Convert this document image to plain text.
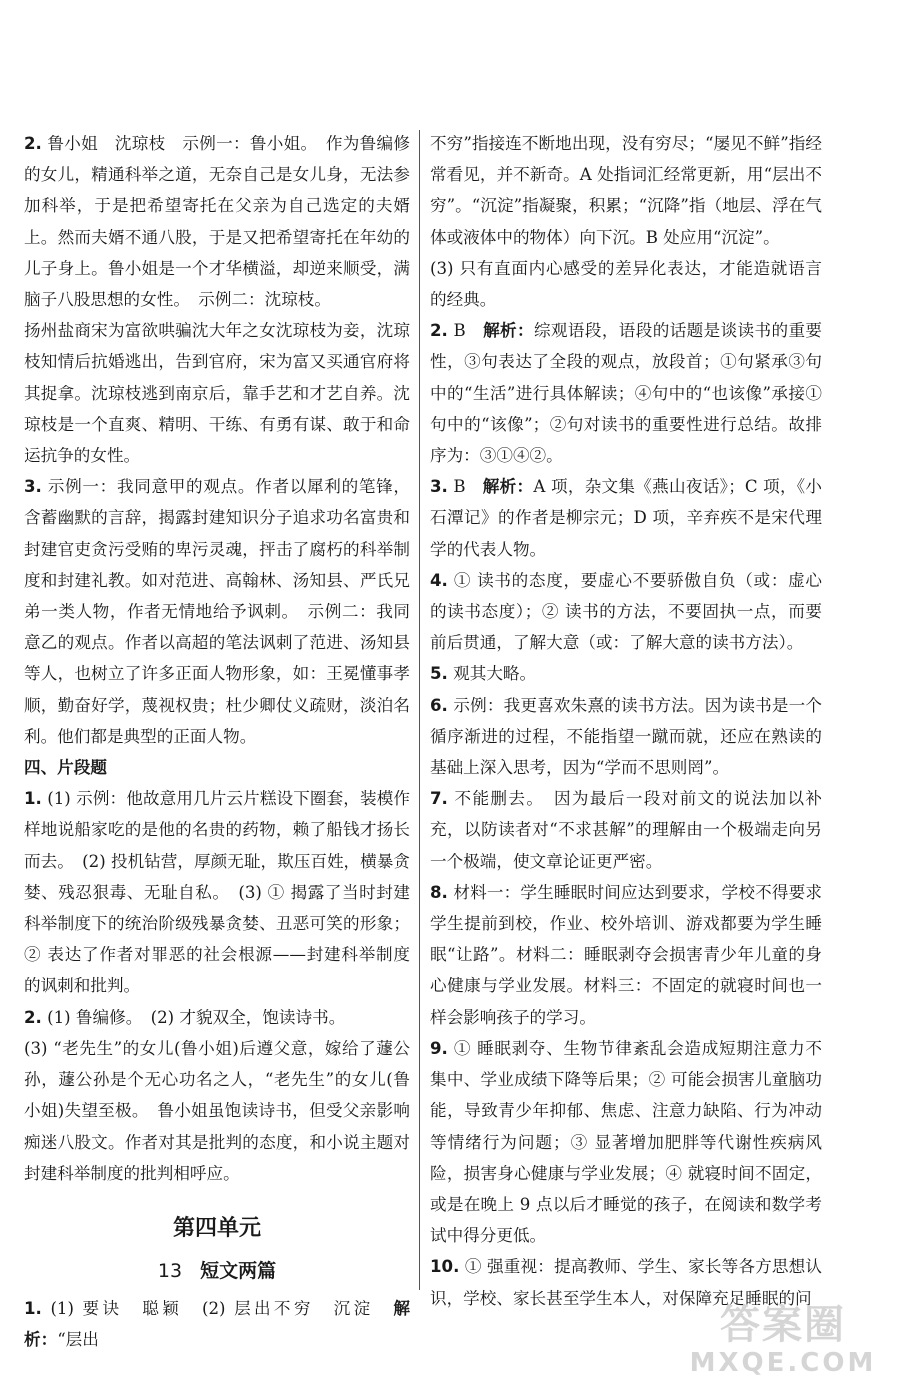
2. 鲁小姐　沈琼枝　示例一：鲁小姐。　作为鲁编修的女儿，精通科举之道，无奈自己是女儿身，无法参加科举，于是把希望寄托在父亲为自己选定的夫婿上。然而夫婿不通八股，于是又把希望寄托在年幼的儿子身上。鲁小姐是一个才华横溢，却逆来顺受，满脑子八股思想的女性。　示例二：沈琼枝。

扬州盐商宋为富欲哄骗沈大年之女沈琼枝为妾，沈琼枝知情后抗婚逃出，告到官府，宋为富又买通官府将其捉拿。沈琼枝逃到南京后，靠手艺和才艺自养。沈琼枝是一个直爽、精明、干练、有勇有谋、敢于和命运抗争的女性。

3. 示例一：我同意甲的观点。作者以犀利的笔锋，含蓄幽默的言辞，揭露封建知识分子追求功名富贵和封建官吏贪污受贿的卑污灵魂，抨击了腐朽的科举制度和封建礼教。如对范进、高翰林、汤知县、严氏兄弟一类人物，作者无情地给予讽刺。　示例二：我同意乙的观点。作者以高超的笔法讽刺了范进、汤知县等人，也树立了许多正面人物形象，如：王冕懂事孝顺，勤奋好学，蔑视权贵；杜少卿仗义疏财，淡泊名利。他们都是典型的正面人物。

四、片段题

1. (1) 示例：他故意用几片云片糕设下圈套，装模作样地说船家吃的是他的名贵的药物，赖了船钱才扬长而去。　(2) 投机钻营，厚颜无耻，欺压百姓，横暴贪婪、残忍狠毒、无耻自私。　(3) ① 揭露了当时封建科举制度下的统治阶级残暴贪婪、丑恶可笑的形象；② 表达了作者对罪恶的社会根源——封建科举制度的讽刺和批判。

2. (1) 鲁编修。　(2) 才貌双全，饱读诗书。

(3) “老先生”的女儿(鲁小姐)后遵父意，嫁给了蘧公孙，蘧公孙是个无心功名之人，“老先生”的女儿(鲁小姐)失望至极。　鲁小姐虽饱读诗书，但受父亲影响痴迷八股文。作者对其是批判的态度，和小说主题对封建科举制度的批判相呼应。

第四单元
13 短文两篇

1. (1) 要诀　聪颖　(2) 层出不穷　沉淀　解析：“层出

不穷”指接连不断地出现，没有穷尽；“屡见不鲜”指经常看见，并不新奇。A 处指词汇经常更新，用“层出不穷”。“沉淀”指凝聚，积累；“沉降”指（地层、浮在气体或液体中的物体）向下沉。B 处应用“沉淀”。

(3) 只有直面内心感受的差异化表达，才能造就语言的经典。

2. B　解析：综观语段，语段的话题是谈读书的重要性，③句表达了全段的观点，放段首；①句紧承③句中的“生活”进行具体解读；④句中的“也该像”承接①句中的“该像”；②句对读书的重要性进行总结。故排序为：③①④②。

3. B　解析：A 项，杂文集《燕山夜话》；C 项，《小石潭记》的作者是柳宗元；D 项，辛弃疾不是宋代理学的代表人物。

4. ① 读书的态度，要虚心不要骄傲自负（或：虚心的读书态度）；② 读书的方法，不要固执一点，而要前后贯通，了解大意（或：了解大意的读书方法）。

5. 观其大略。

6. 示例：我更喜欢朱熹的读书方法。因为读书是一个循序渐进的过程，不能指望一蹴而就，还应在熟读的基础上深入思考，因为“学而不思则罔”。

7. 不能删去。　因为最后一段对前文的说法加以补充，以防读者对“不求甚解”的理解由一个极端走向另一个极端，使文章论证更严密。

8. 材料一：学生睡眠时间应达到要求，学校不得要求学生提前到校，作业、校外培训、游戏都要为学生睡眠“让路”。材料二：睡眠剥夺会损害青少年儿童的身心健康与学业发展。材料三：不固定的就寝时间也一样会影响孩子的学习。

9. ① 睡眠剥夺、生物节律紊乱会造成短期注意力不集中、学业成绩下降等后果；② 可能会损害儿童脑功能，导致青少年抑郁、焦虑、注意力缺陷、行为冲动等情绪行为问题；③ 显著增加肥胖等代谢性疾病风险，损害身心健康与学业发展；④ 就寝时间不固定，或是在晚上 9 点以后才睡觉的孩子，在阅读和数学考试中得分更低。

10. ① 强重视：提高教师、学生、家长等各方思想认识，学校、家长甚至学生本人，对保障充足睡眠的问

答案圈
MXQE.COM
